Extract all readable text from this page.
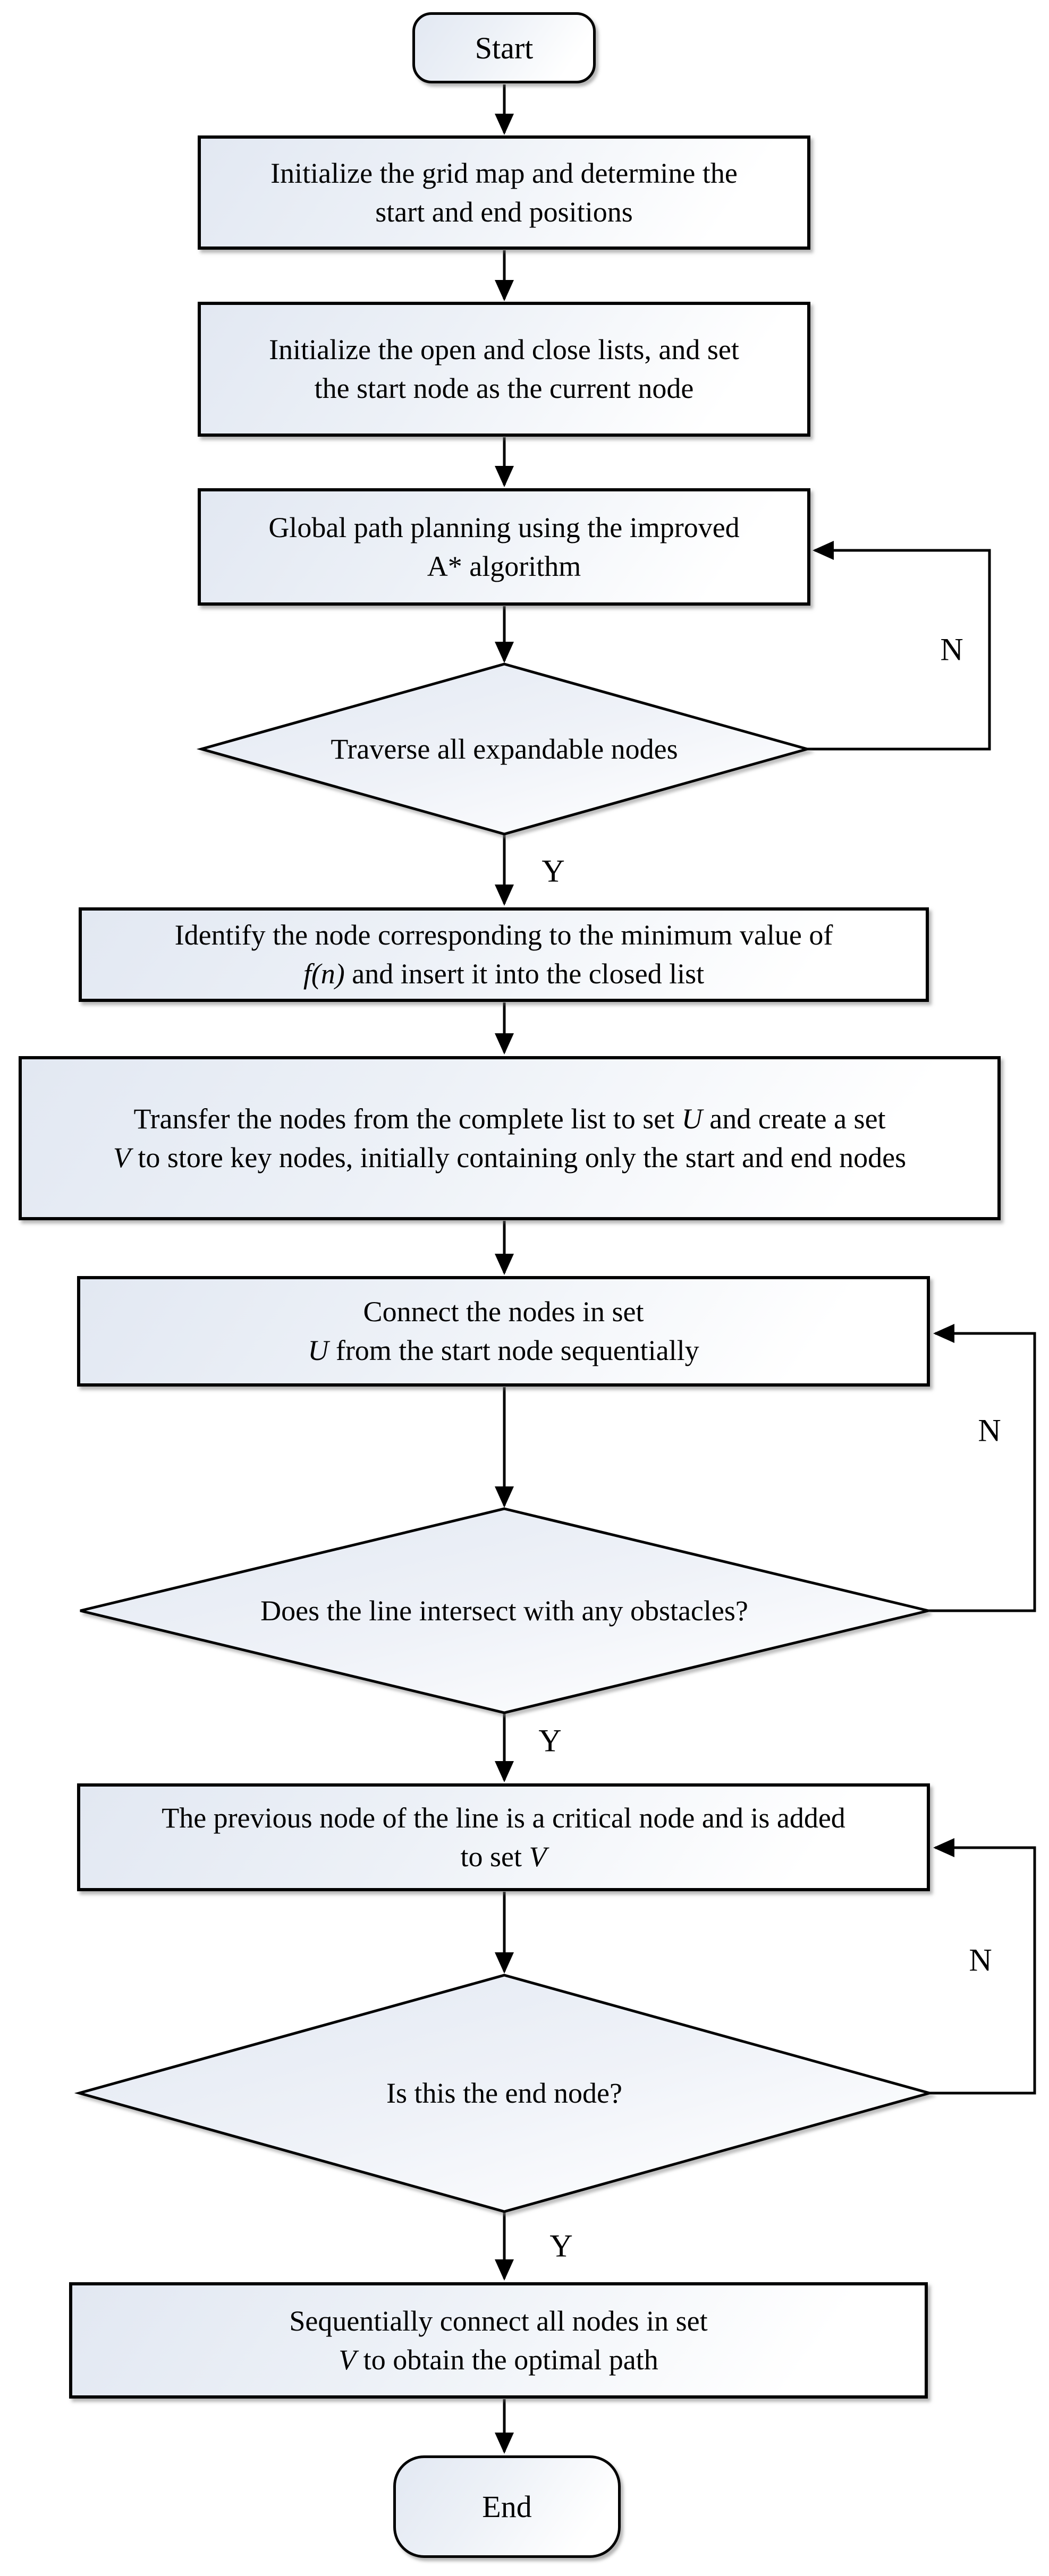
Start
Initialize the grid map and determine the
start and end positions
Initialize the open and close lists, and set
the start node as the current node
Global path planning using the improved
A* algorithm
Identify the node corresponding to the minimum value of
f(n) and insert it into the closed list
Transfer the nodes from the complete list to set U and create a set
V to store key nodes, initially containing only the start and end nodes
Connect the nodes in set
U from the start node sequentially
The previous node of the line is a critical node and is added
to set V
Sequentially connect all nodes in set
V to obtain the optimal path
End
Traverse all expandable nodes
Does the line intersect with any obstacles?
Is this the end node?
N
Y
N
Y
N
Y
